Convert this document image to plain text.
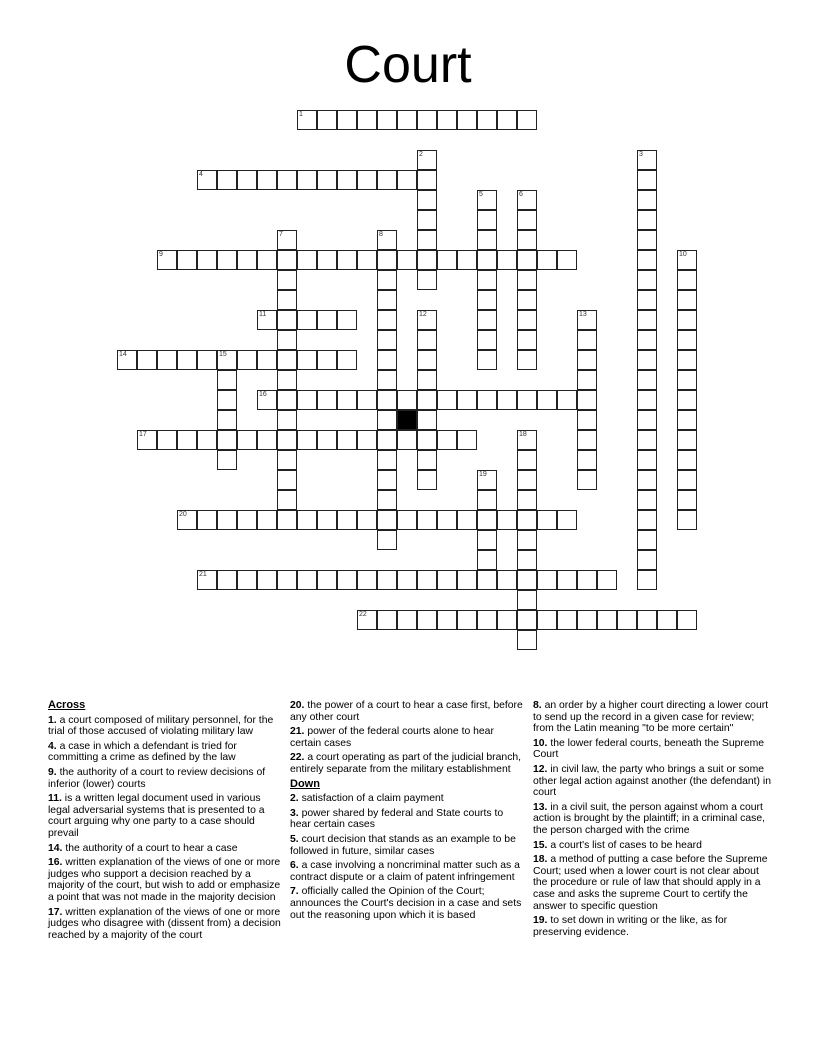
Court
1
2	3
4
5	6
7	8
9	10
11	12	13
14	15
16
17	18
19
20
21
22
Across
1. a court composed of military personnel, for the trial of those accused of violating military law
4. a case in which a defendant is tried for committing a crime as defined by the law
9. the authority of a court to review decisions of inferior (lower) courts
11. is a written legal document used in various legal adversarial systems that is presented to a court arguing why one party to a case should prevail
14. the authority of a court to hear a case
16. written explanation of the views of one or more judges who support a decision reached by a majority of the court, but wish to add or emphasize a point that was not made in the majority decision
17. written explanation of the views of one or more judges who disagree with (dissent from) a decision reached by a majority of the court
20. the power of a court to hear a case first, before any other court
21. power of the federal courts alone to hear certain cases
22. a court operating as part of the judicial branch, entirely separate from the military establishment
Down
2. satisfaction of a claim payment
3. power shared by federal and State courts to hear certain cases
5. court decision that stands as an example to be followed in future, similar cases
6. a case involving a noncriminal matter such as a contract dispute or a claim of patent infringement
7. officially called the Opinion of the Court; announces the Court's decision in a case and sets out the reasoning upon which it is based
8. an order by a higher court directing a lower court to send up the record in a given case for review; from the Latin meaning "to be more certain"
10. the lower federal courts, beneath the Supreme Court
12. in civil law, the party who brings a suit or some other legal action against another (the defendant) in court
13. in a civil suit, the person against whom a court action is brought by the plaintiff; in a criminal case, the person charged with the crime
15. a court's list of cases to be heard
18. a method of putting a case before the Supreme Court; used when a lower court is not clear about the procedure or rule of law that should apply in a case and asks the supreme Court to certify the answer to specific question
19. to set down in writing or the like, as for preserving evidence.
